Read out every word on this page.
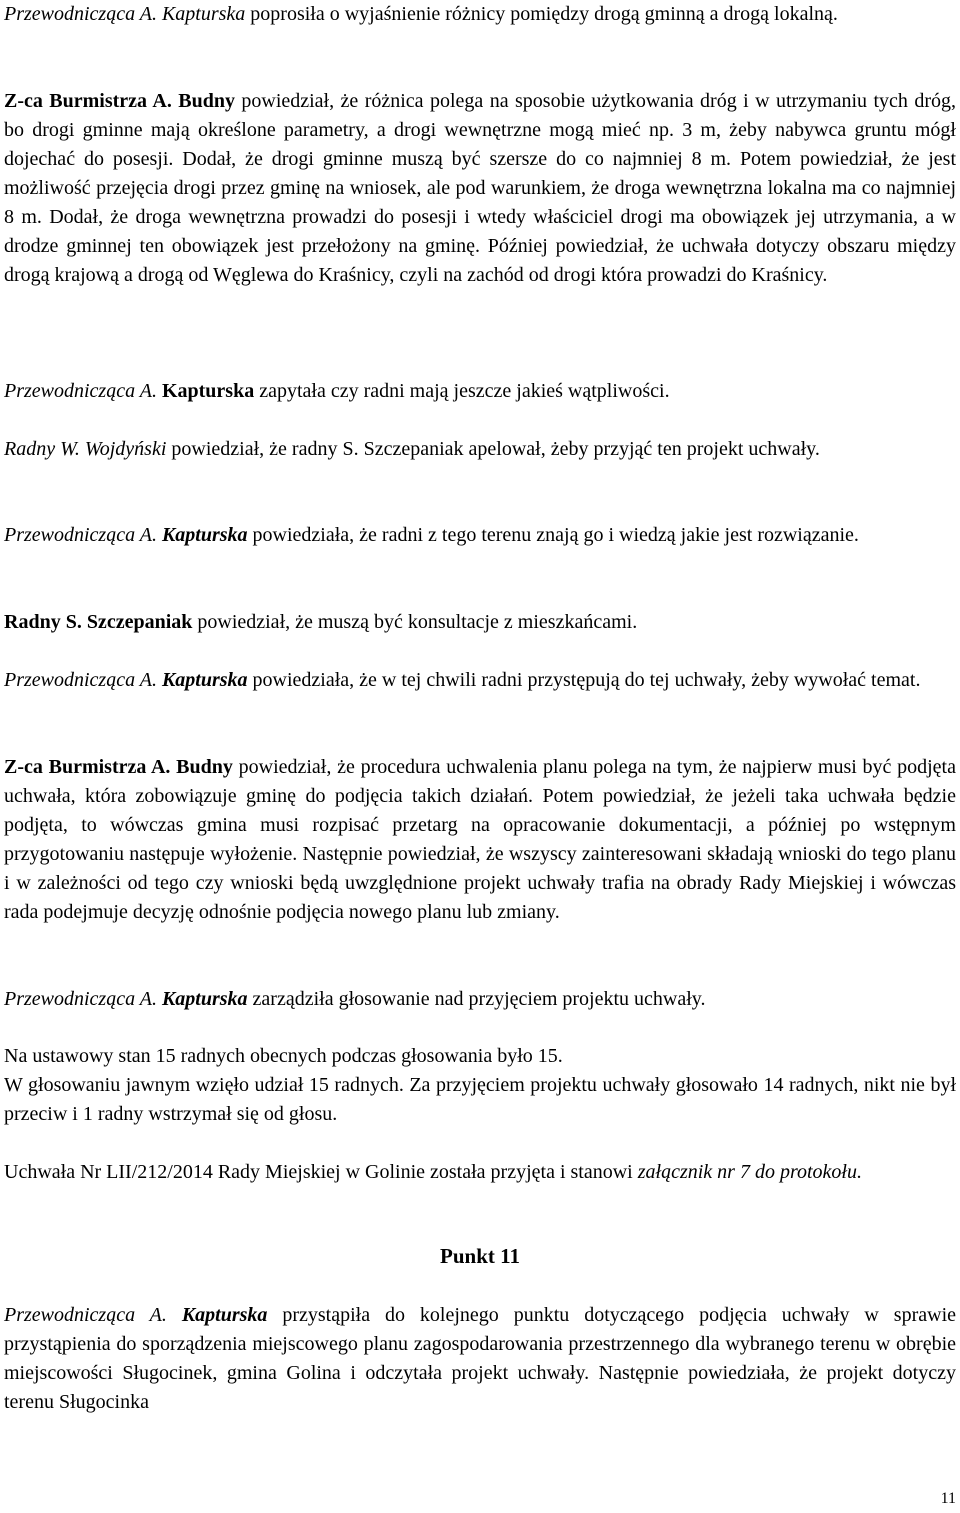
Przewodnicząca A. Kapturska poprosiła o wyjaśnienie różnicy pomiędzy drogą gminną a drogą lokalną.

Z-ca Burmistrza A. Budny powiedział, że różnica polega na sposobie użytkowania dróg i w utrzymaniu tych dróg, bo drogi gminne mają określone parametry, a drogi wewnętrzne mogą mieć np. 3 m, żeby nabywca gruntu mógł dojechać do posesji. Dodał, że drogi gminne muszą być szersze do co najmniej 8 m. Potem powiedział, że jest możliwość przejęcia drogi przez gminę na wniosek, ale pod warunkiem, że droga wewnętrzna lokalna ma co najmniej 8 m. Dodał, że droga wewnętrzna prowadzi do posesji i wtedy właściciel drogi ma obowiązek jej utrzymania, a w drodze gminnej ten obowiązek jest przełożony na gminę. Później powiedział, że uchwała dotyczy obszaru między drogą krajową a drogą od Węglewa do Kraśnicy, czyli na zachód od drogi która prowadzi do Kraśnicy.

Przewodnicząca A. Kapturska zapytała czy radni mają jeszcze jakieś wątpliwości.

Radny W. Wojdyński powiedział, że radny S. Szczepaniak apelował, żeby przyjąć ten projekt uchwały.

Przewodnicząca A. Kapturska powiedziała, że radni z tego terenu znają go i wiedzą jakie jest rozwiązanie.

Radny S. Szczepaniak powiedział, że muszą być konsultacje z mieszkańcami.

Przewodnicząca A. Kapturska powiedziała, że w tej chwili radni przystępują do tej uchwały, żeby wywołać temat.

Z-ca Burmistrza A. Budny powiedział, że procedura uchwalenia planu polega na tym, że najpierw musi być podjęta uchwała, która zobowiązuje gminę do podjęcia takich działań. Potem powiedział, że jeżeli taka uchwała będzie podjęta, to wówczas gmina musi rozpisać przetarg na opracowanie dokumentacji, a później po wstępnym przygotowaniu następuje wyłożenie. Następnie powiedział, że wszyscy zainteresowani składają wnioski do tego planu i w zależności od tego czy wnioski będą uwzględnione projekt uchwały trafia na obrady Rady Miejskiej i wówczas rada podejmuje decyzję odnośnie podjęcia nowego planu lub zmiany.

Przewodnicząca A. Kapturska zarządziła głosowanie nad przyjęciem projektu uchwały.

Na ustawowy stan 15 radnych obecnych podczas głosowania było 15.

W głosowaniu jawnym wzięło udział 15 radnych. Za przyjęciem projektu uchwały głosowało 14 radnych, nikt nie był przeciw i 1 radny wstrzymał się od głosu.

Uchwała Nr LII/212/2014 Rady Miejskiej w Golinie została przyjęta i stanowi załącznik nr 7 do protokołu.

Punkt 11

Przewodnicząca A. Kapturska przystąpiła do kolejnego punktu dotyczącego podjęcia uchwały w sprawie przystąpienia do sporządzenia miejscowego planu zagospodarowania przestrzennego dla wybranego terenu w obrębie miejscowości Sługocinek, gmina Golina i odczytała projekt uchwały. Następnie powiedziała, że projekt dotyczy terenu Sługocinka

11
